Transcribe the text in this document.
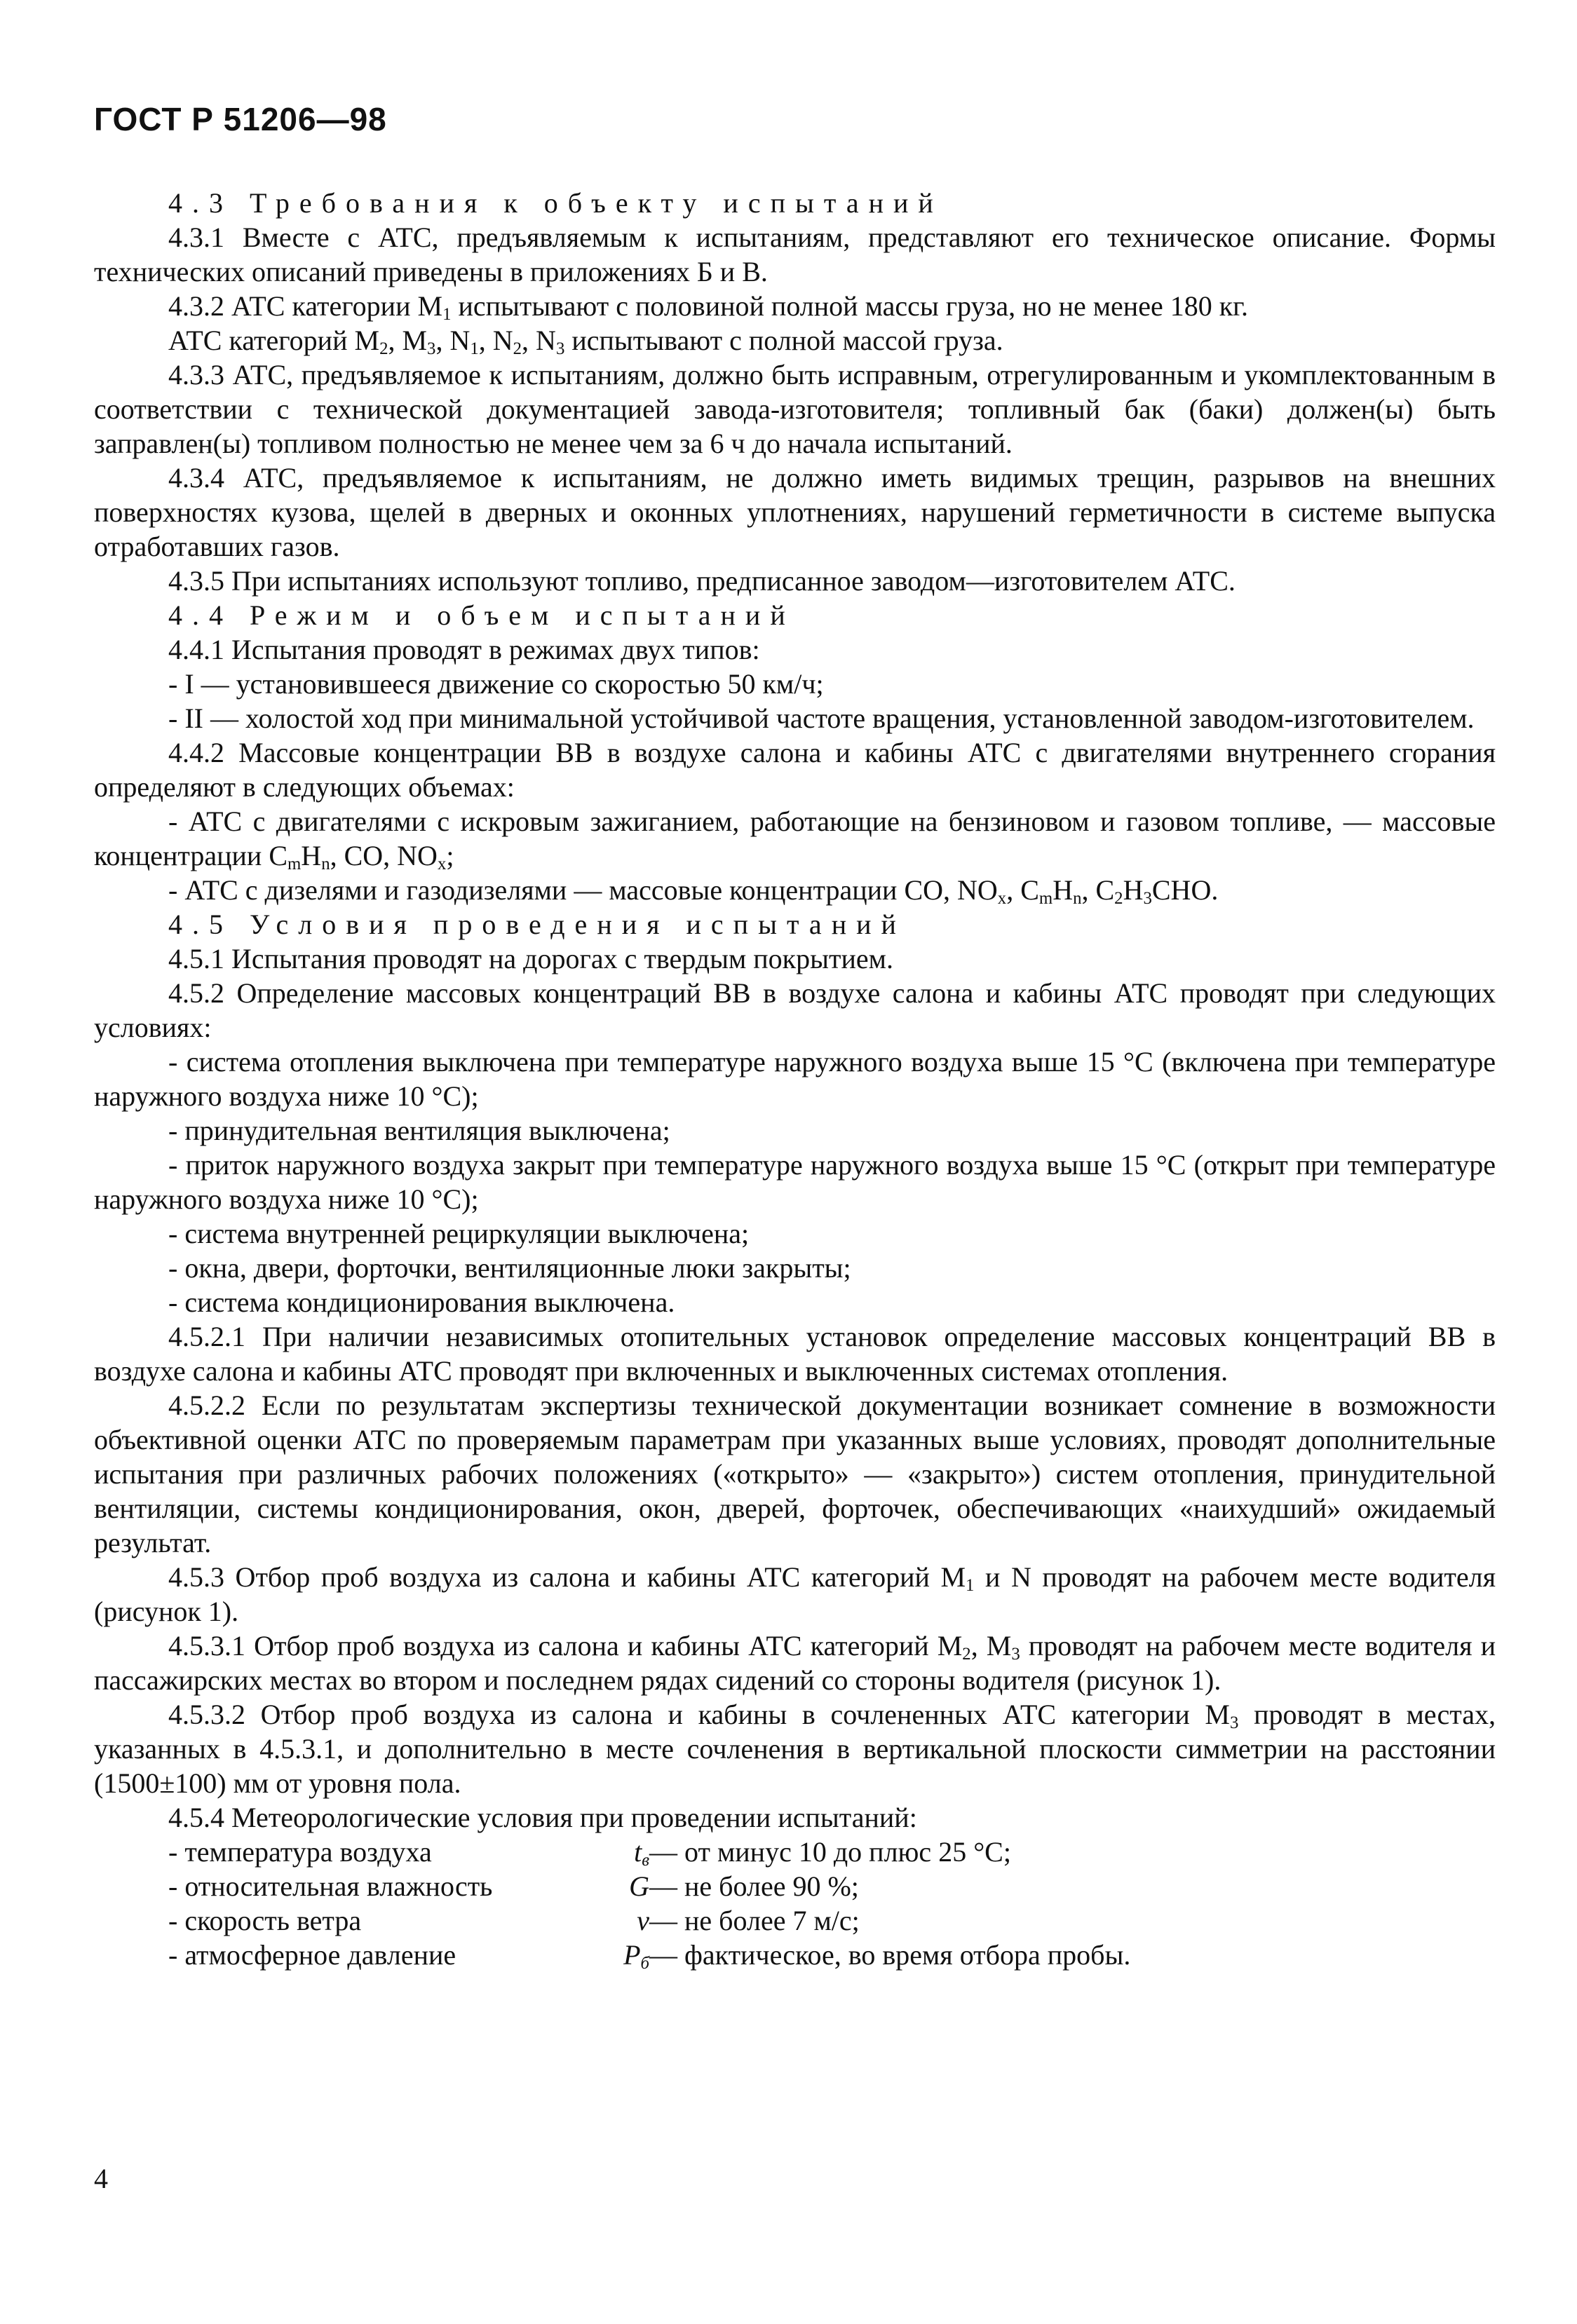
ГОСТ Р 51206—98

4.3 Требования к объекту испытаний

4.3.1 Вместе с АТС, предъявляемым к испытаниям, представляют его техническое описание. Формы технических описаний приведены в приложениях Б и В.

4.3.2 АТС категории $M_1$ испытывают с половиной полной массы груза, но не менее 180 кг.

АТС категорий $M_2$, $M_3$, $N_1$, $N_2$, $N_3$ испытывают с полной массой груза.

4.3.3 АТС, предъявляемое к испытаниям, должно быть исправным, отрегулированным и укомплектованным в соответствии с технической документацией завода-изготовителя; топливный бак (баки) должен(ы) быть заправлен(ы) топливом полностью не менее чем за 6 ч до начала испытаний.

4.3.4 АТС, предъявляемое к испытаниям, не должно иметь видимых трещин, разрывов на внешних поверхностях кузова, щелей в дверных и оконных уплотнениях, нарушений герметичности в системе выпуска отработавших газов.

4.3.5 При испытаниях используют топливо, предписанное заводом—изготовителем АТС.

4.4 Режим и объем испытаний

4.4.1 Испытания проводят в режимах двух типов:

- I — установившееся движение со скоростью 50 км/ч;

- II — холостой ход при минимальной устойчивой частоте вращения, установленной заводом-изготовителем.

4.4.2 Массовые концентрации ВВ в воздухе салона и кабины АТС с двигателями внутреннего сгорания определяют в следующих объемах:

- АТС с двигателями с искровым зажиганием, работающие на бензиновом и газовом топливе, — массовые концентрации $C_mH_n$, CO, $NO_x$;

- АТС с дизелями и газодизелями — массовые концентрации CO, $NO_x$, $C_mH_n$, $C_2H_3CHO$.

4.5 Условия проведения испытаний

4.5.1 Испытания проводят на дорогах с твердым покрытием.

4.5.2 Определение массовых концентраций ВВ в воздухе салона и кабины АТС проводят при следующих условиях:

- система отопления выключена при температуре наружного воздуха выше 15 °С (включена при температуре наружного воздуха ниже 10 °С);

- принудительная вентиляция выключена;

- приток наружного воздуха закрыт при температуре наружного воздуха выше 15 °С (открыт при температуре наружного воздуха ниже 10 °С);

- система внутренней рециркуляции выключена;

- окна, двери, форточки, вентиляционные люки закрыты;

- система кондиционирования выключена.

4.5.2.1 При наличии независимых отопительных установок определение массовых концентраций ВВ в воздухе салона и кабины АТС проводят при включенных и выключенных системах отопления.

4.5.2.2 Если по результатам экспертизы технической документации возникает сомнение в возможности объективной оценки АТС по проверяемым параметрам при указанных выше условиях, проводят дополнительные испытания при различных рабочих положениях («открыто» — «закрыто») систем отопления, принудительной вентиляции, системы кондиционирования, окон, дверей, форточек, обеспечивающих «наихудший» ожидаемый результат.

4.5.3 Отбор проб воздуха из салона и кабины АТС категорий $M_1$ и N проводят на рабочем месте водителя (рисунок 1).

4.5.3.1 Отбор проб воздуха из салона и кабины АТС категорий $M_2$, $M_3$ проводят на рабочем месте водителя и пассажирских местах во втором и последнем рядах сидений со стороны водителя (рисунок 1).

4.5.3.2 Отбор проб воздуха из салона и кабины в сочлененных АТС категории $M_3$ проводят в местах, указанных в 4.5.3.1, и дополнительно в месте сочленения в вертикальной плоскости симметрии на расстоянии (1500±100) мм от уровня пола.

4.5.4 Метеорологические условия при проведении испытаний:

- температура воздуха	$t_в$ — от минус 10 до плюс 25 °С;
- относительная влажность	G — не более 90 %;
- скорость ветра	v — не более 7 м/с;
- атмосферное давление	$P_б$ — фактическое, во время отбора пробы.
4
